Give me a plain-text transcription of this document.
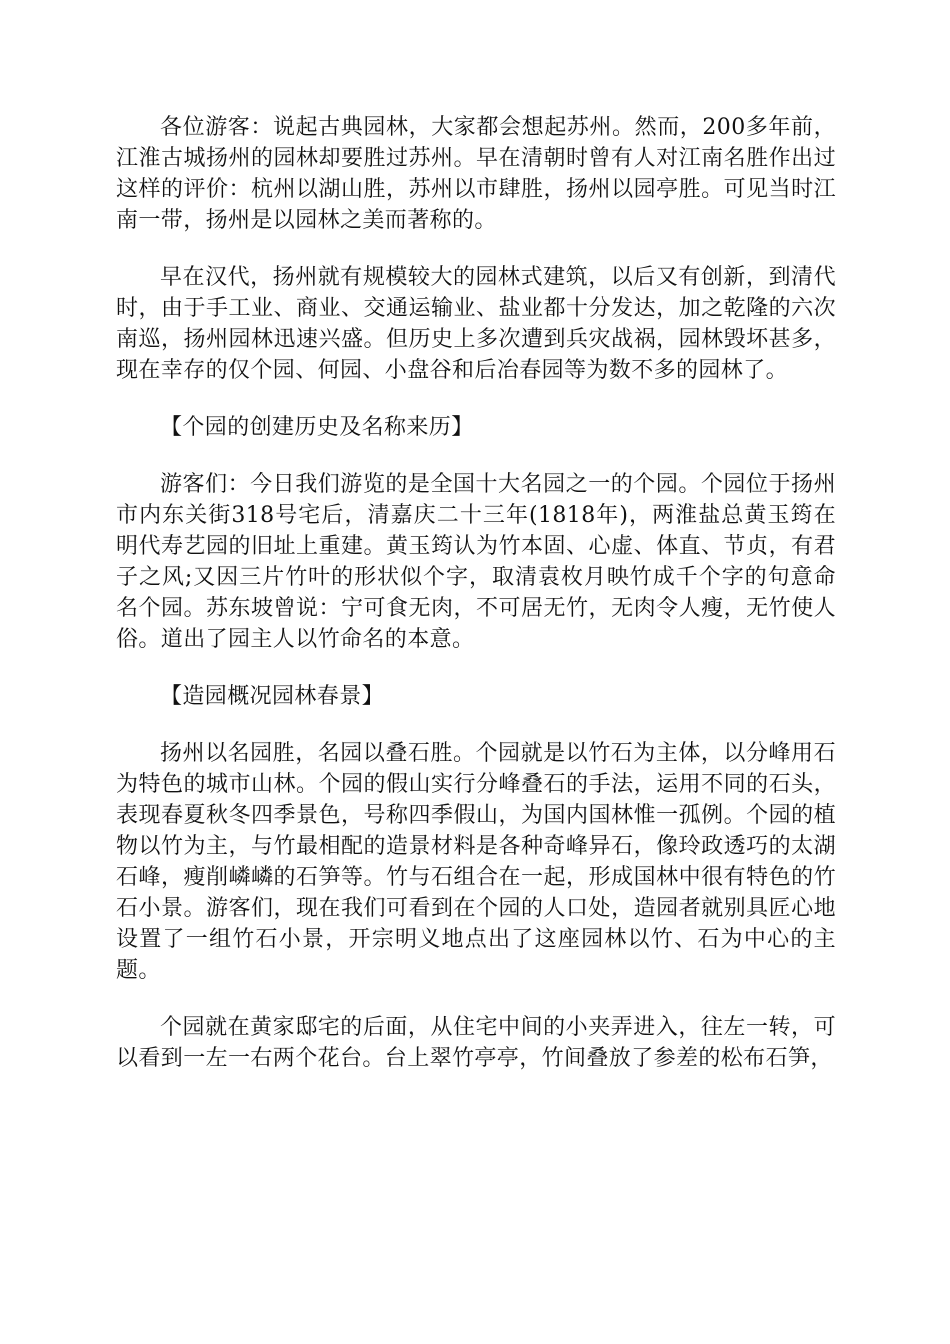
各位游客：说起古典园林，大家都会想起苏州。然而，200多年前，江淮古城扬州的园林却要胜过苏州。早在清朝时曾有人对江南名胜作出过这样的评价：杭州以湖山胜，苏州以市肆胜，扬州以园亭胜。可见当时江南一带，扬州是以园林之美而著称的。

早在汉代，扬州就有规模较大的园林式建筑，以后又有创新，到清代时，由于手工业、商业、交通运输业、盐业都十分发达，加之乾隆的六次南巡，扬州园林迅速兴盛。但历史上多次遭到兵灾战祸，园林毁坏甚多，现在幸存的仅个园、何园、小盘谷和后冶春园等为数不多的园林了。

【个园的创建历史及名称来历】

游客们：今日我们游览的是全国十大名园之一的个园。个园位于扬州市内东关街318号宅后，清嘉庆二十三年(1818年)，两淮盐总黄玉筠在明代寿艺园的旧址上重建。黄玉筠认为竹本固、心虚、体直、节贞，有君子之风;又因三片竹叶的形状似个字，取清袁枚月映竹成千个字的句意命名个园。苏东坡曾说：宁可食无肉，不可居无竹，无肉令人瘦，无竹使人俗。道出了园主人以竹命名的本意。

【造园概况园林春景】

扬州以名园胜，名园以叠石胜。个园就是以竹石为主体，以分峰用石为特色的城市山林。个园的假山实行分峰叠石的手法，运用不同的石头，表现春夏秋冬四季景色，号称四季假山，为国内国林惟一孤例。个园的植物以竹为主，与竹最相配的造景材料是各种奇峰异石，像玲政透巧的太湖石峰，瘦削嶙嶙的石笋等。竹与石组合在一起，形成国林中很有特色的竹石小景。游客们，现在我们可看到在个园的人口处，造园者就别具匠心地设置了一组竹石小景，开宗明义地点出了这座园林以竹、石为中心的主题。

个园就在黄家邸宅的后面，从住宅中间的小夹弄进入，往左一转，可以看到一左一右两个花台。台上翠竹亭亭，竹间叠放了参差的松布石笋，
